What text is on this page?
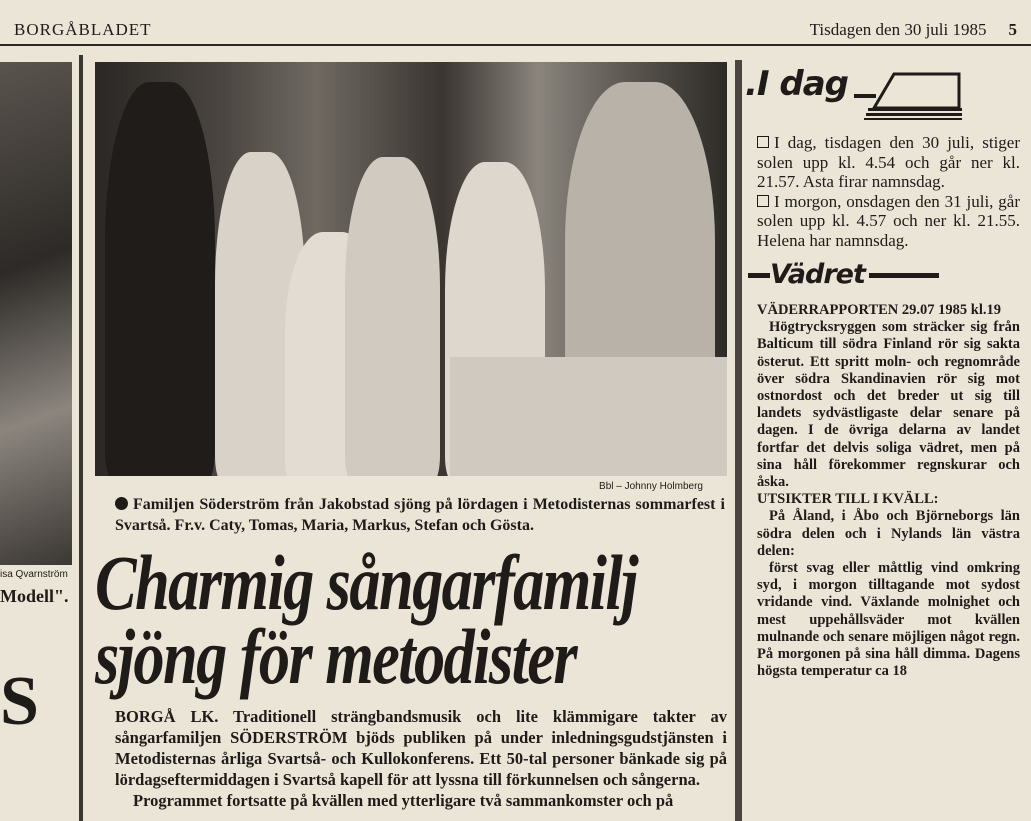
BORGÅBLADET	Tisdagen den 30 juli 1985 5
isa Qvarnström
Modell".
S
Bbl – Johnny Holmberg
Familjen Söderström från Jakobstad sjöng på lördagen i Metodisternas sommarfest i Svartså. Fr.v. Caty, Tomas, Maria, Markus, Stefan och Gösta.
Charmig sångarfamilj
sjöng för metodister

BORGÅ LK. Traditionell strängbandsmusik och lite klämmigare takter av sångarfamiljen SÖDERSTRÖM bjöds publiken på under inledningsgudstjänsten i Metodisternas årliga Svartså- och Kullokonferens. Ett 50-tal personer bänkade sig på lördagseftermiddagen i Svartså kapell för att lyssna till förkunnelsen och sångerna.

Programmet fortsatte på kvällen med ytterligare två sammankomster och på

.I dag

I dag, tisdagen den 30 juli, stiger solen upp kl. 4.54 och går ner kl. 21.57. Asta firar namnsdag.

I morgon, onsdagen den 31 juli, går solen upp kl. 4.57 och ner kl. 21.55. Helena har namnsdag.

Vädret

VÄDERRAPPORTEN 29.07 1985 kl.19

Högtrycksryggen som sträcker sig från Balticum till södra Finland rör sig sakta österut. Ett spritt moln- och regnområde över södra Skandinavien rör sig mot ostnordost och det breder ut sig till landets sydvästligaste delar senare på dagen. I de övriga delarna av landet fortfar det delvis soliga vädret, men på sina håll förekommer regnskurar och åska.

UTSIKTER TILL I KVÄLL:

På Åland, i Åbo och Björneborgs län södra delen och i Nylands län västra delen:

först svag eller måttlig vind omkring syd, i morgon tilltagande mot sydost vridande vind. Växlande molnighet och mest uppehållsväder mot kvällen mulnande och senare möjligen något regn. På morgonen på sina håll dimma. Dagens högsta temperatur ca 18
